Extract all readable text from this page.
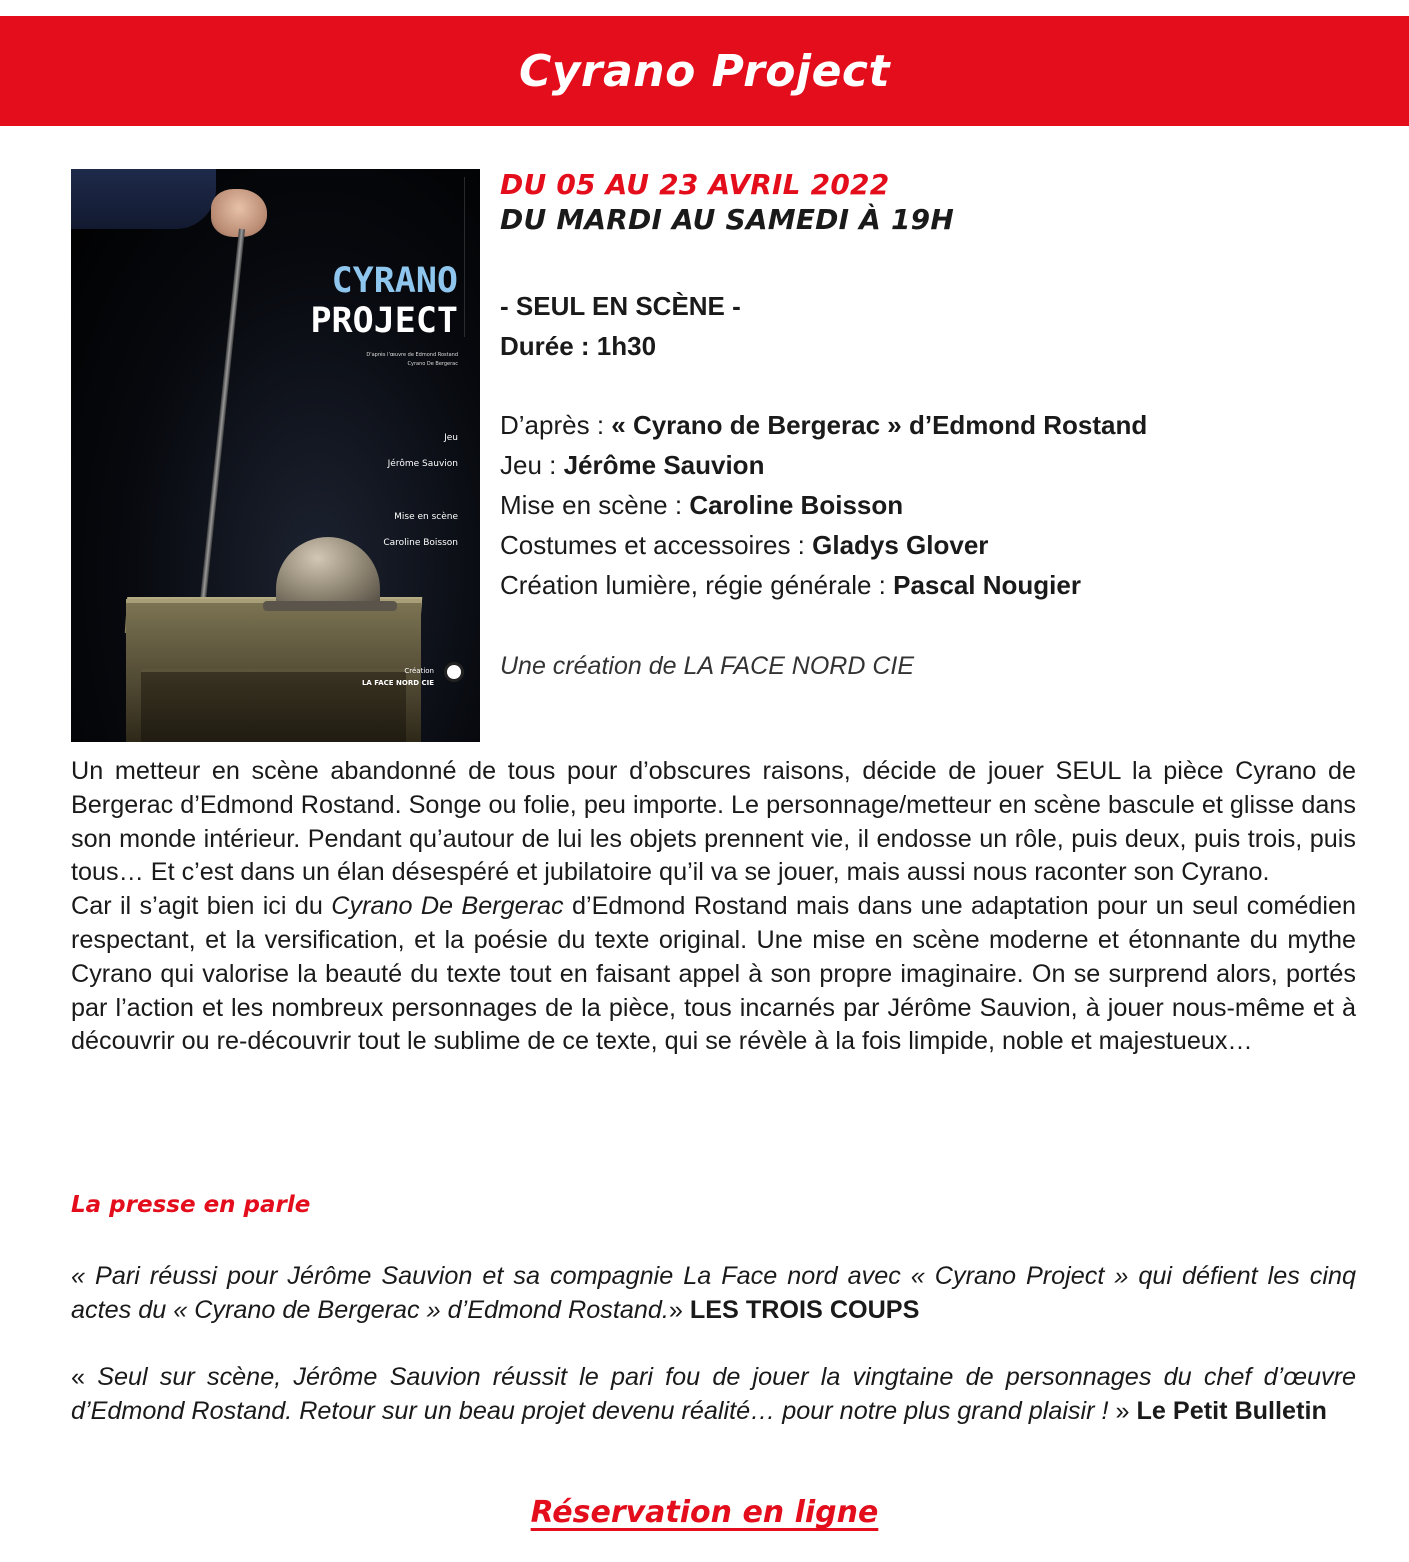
Cyrano Project
CYRANO
PROJECT
D'après l'œuvre de Edmond Rostand
Cyrano De Bergerac
Jeu
Jérôme Sauvion
Mise en scène
Caroline Boisson
Création
LA FACE NORD CIE
DU 05 AU 23 AVRIL 2022
DU MARDI AU SAMEDI À 19H
- SEUL EN SCÈNE -
Durée : 1h30
D’après : « Cyrano de Bergerac » d’Edmond Rostand
Jeu : Jérôme Sauvion
Mise en scène : Caroline Boisson
Costumes et accessoires : Gladys Glover
Création lumière, régie générale : Pascal Nougier
Une création de LA FACE NORD CIE

Un metteur en scène abandonné de tous pour d’obscures raisons, décide de jouer SEUL la pièce Cyrano de Bergerac d’Edmond Rostand. Songe ou folie, peu importe. Le personnage/metteur en scène bascule et glisse dans son monde intérieur. Pendant qu’autour de lui les objets prennent vie, il endosse un rôle, puis deux, puis trois, puis tous… Et c’est dans un élan désespéré et jubilatoire qu’il va se jouer, mais aussi nous raconter son Cyrano.

Car il s’agit bien ici du Cyrano De Bergerac d’Edmond Rostand mais dans une adaptation pour un seul comédien respectant, et la versification, et la poésie du texte original. Une mise en scène moderne et étonnante du mythe Cyrano qui valorise la beauté du texte tout en faisant appel à son propre imaginaire. On se surprend alors, portés par l’action et les nombreux personnages de la pièce, tous incarnés par Jérôme Sauvion, à jouer nous-même et à découvrir ou re-découvrir tout le sublime de ce texte, qui se révèle à la fois limpide, noble et majestueux…

La presse en parle
« Pari réussi pour Jérôme Sauvion et sa compagnie La Face nord avec « Cyrano Project » qui défient les cinq actes du « Cyrano de Bergerac » d’Edmond Rostand.» LES TROIS COUPS
« Seul sur scène, Jérôme Sauvion réussit le pari fou de jouer la vingtaine de personnages du chef d’œuvre d’Edmond Rostand. Retour sur un beau projet devenu réalité… pour notre plus grand plaisir ! » Le Petit Bulletin
Réservation en ligne
